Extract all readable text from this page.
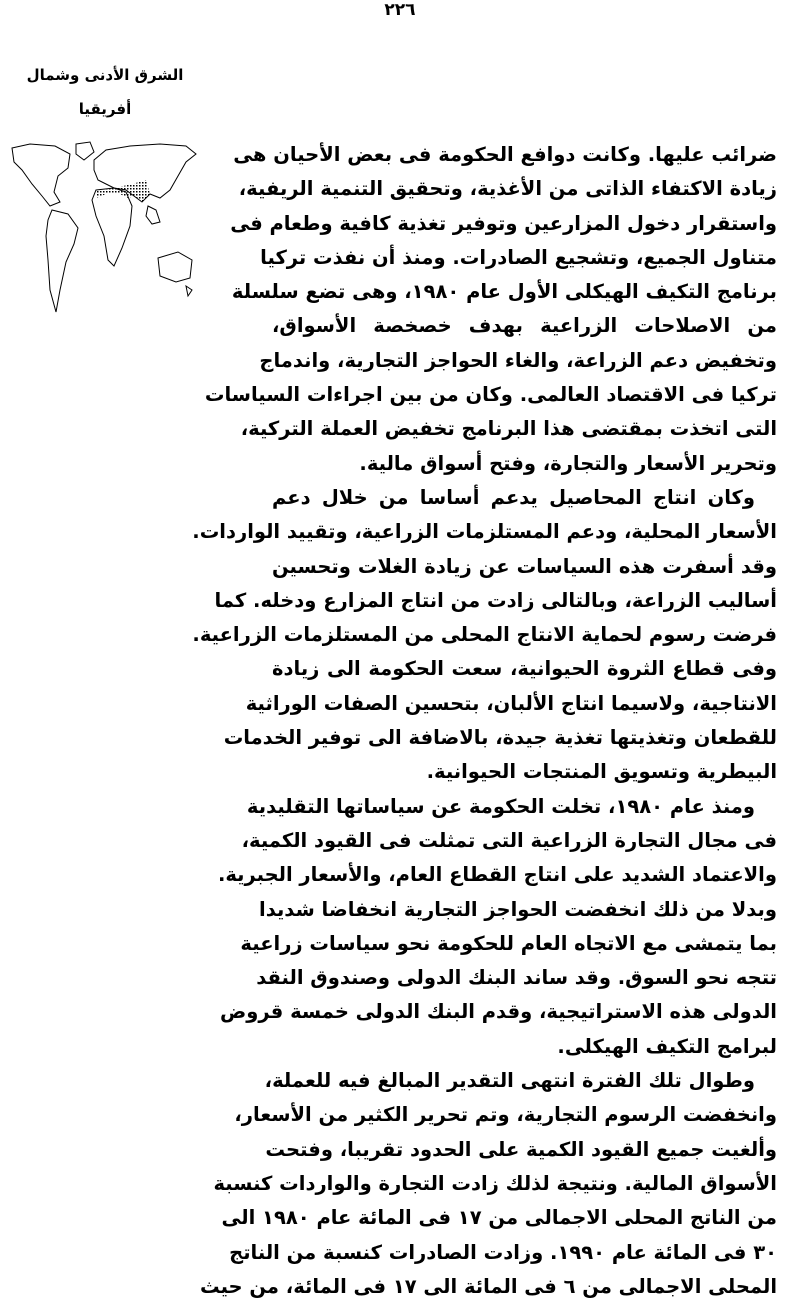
٢٢٦
الشرق الأدنى وشمال
أفريقيا
ضرائب عليها. وكانت دوافع الحكومة فى بعض الأحيان هى
زيادة الاكتفاء الذاتى من الأغذية، وتحقيق التنمية الريفية،
واستقرار دخول المزارعين وتوفير تغذية كافية وطعام فى
متناول الجميع، وتشجيع الصادرات. ومنذ أن نفذت تركيا
برنامج التكيف الهيكلى الأول عام ١٩٨٠، وهى تضع سلسلة
من الاصلاحات الزراعية بهدف خصخصة الأسواق،
وتخفيض دعم الزراعة، والغاء الحواجز التجارية، واندماج
تركيا فى الاقتصاد العالمى. وكان من بين اجراءات السياسات
التى اتخذت بمقتضى هذا البرنامج تخفيض العملة التركية،
وتحرير الأسعار والتجارة، وفتح أسواق مالية.
وكان انتاج المحاصيل يدعم أساسا من خلال دعم
الأسعار المحلية، ودعم المستلزمات الزراعية، وتقييد الواردات.
وقد أسفرت هذه السياسات عن زيادة الغلات وتحسين
أساليب الزراعة، وبالتالى زادت من انتاج المزارع ودخله. كما
فرضت رسوم لحماية الانتاج المحلى من المستلزمات الزراعية.
وفى قطاع الثروة الحيوانية، سعت الحكومة الى زيادة
الانتاجية، ولاسيما انتاج الألبان، بتحسين الصفات الوراثية
للقطعان وتغذيتها تغذية جيدة، بالاضافة الى توفير الخدمات
البيطرية وتسويق المنتجات الحيوانية.
ومنذ عام ١٩٨٠، تخلت الحكومة عن سياساتها التقليدية
فى مجال التجارة الزراعية التى تمثلت فى القيود الكمية،
والاعتماد الشديد على انتاج القطاع العام، والأسعار الجبرية.
وبدلا من ذلك انخفضت الحواجز التجارية انخفاضا شديدا
بما يتمشى مع الاتجاه العام للحكومة نحو سياسات زراعية
تتجه نحو السوق. وقد ساند البنك الدولى وصندوق النقد
الدولى هذه الاستراتيجية، وقدم البنك الدولى خمسة قروض
لبرامج التكيف الهيكلى.
وطوال تلك الفترة انتهى التقدير المبالغ فيه للعملة،
وانخفضت الرسوم التجارية، وتم تحرير الكثير من الأسعار،
وألغيت جميع القيود الكمية على الحدود تقريبا، وفتحت
الأسواق المالية. ونتيجة لذلك زادت التجارة والواردات كنسبة
من الناتج المحلى الاجمالى من ١٧ فى المائة عام ١٩٨٠ الى
٣٠ فى المائة عام ١٩٩٠. وزادت الصادرات كنسبة من الناتج
المحلى الاجمالى من ٦ فى المائة الى ١٧ فى المائة، من حيث
